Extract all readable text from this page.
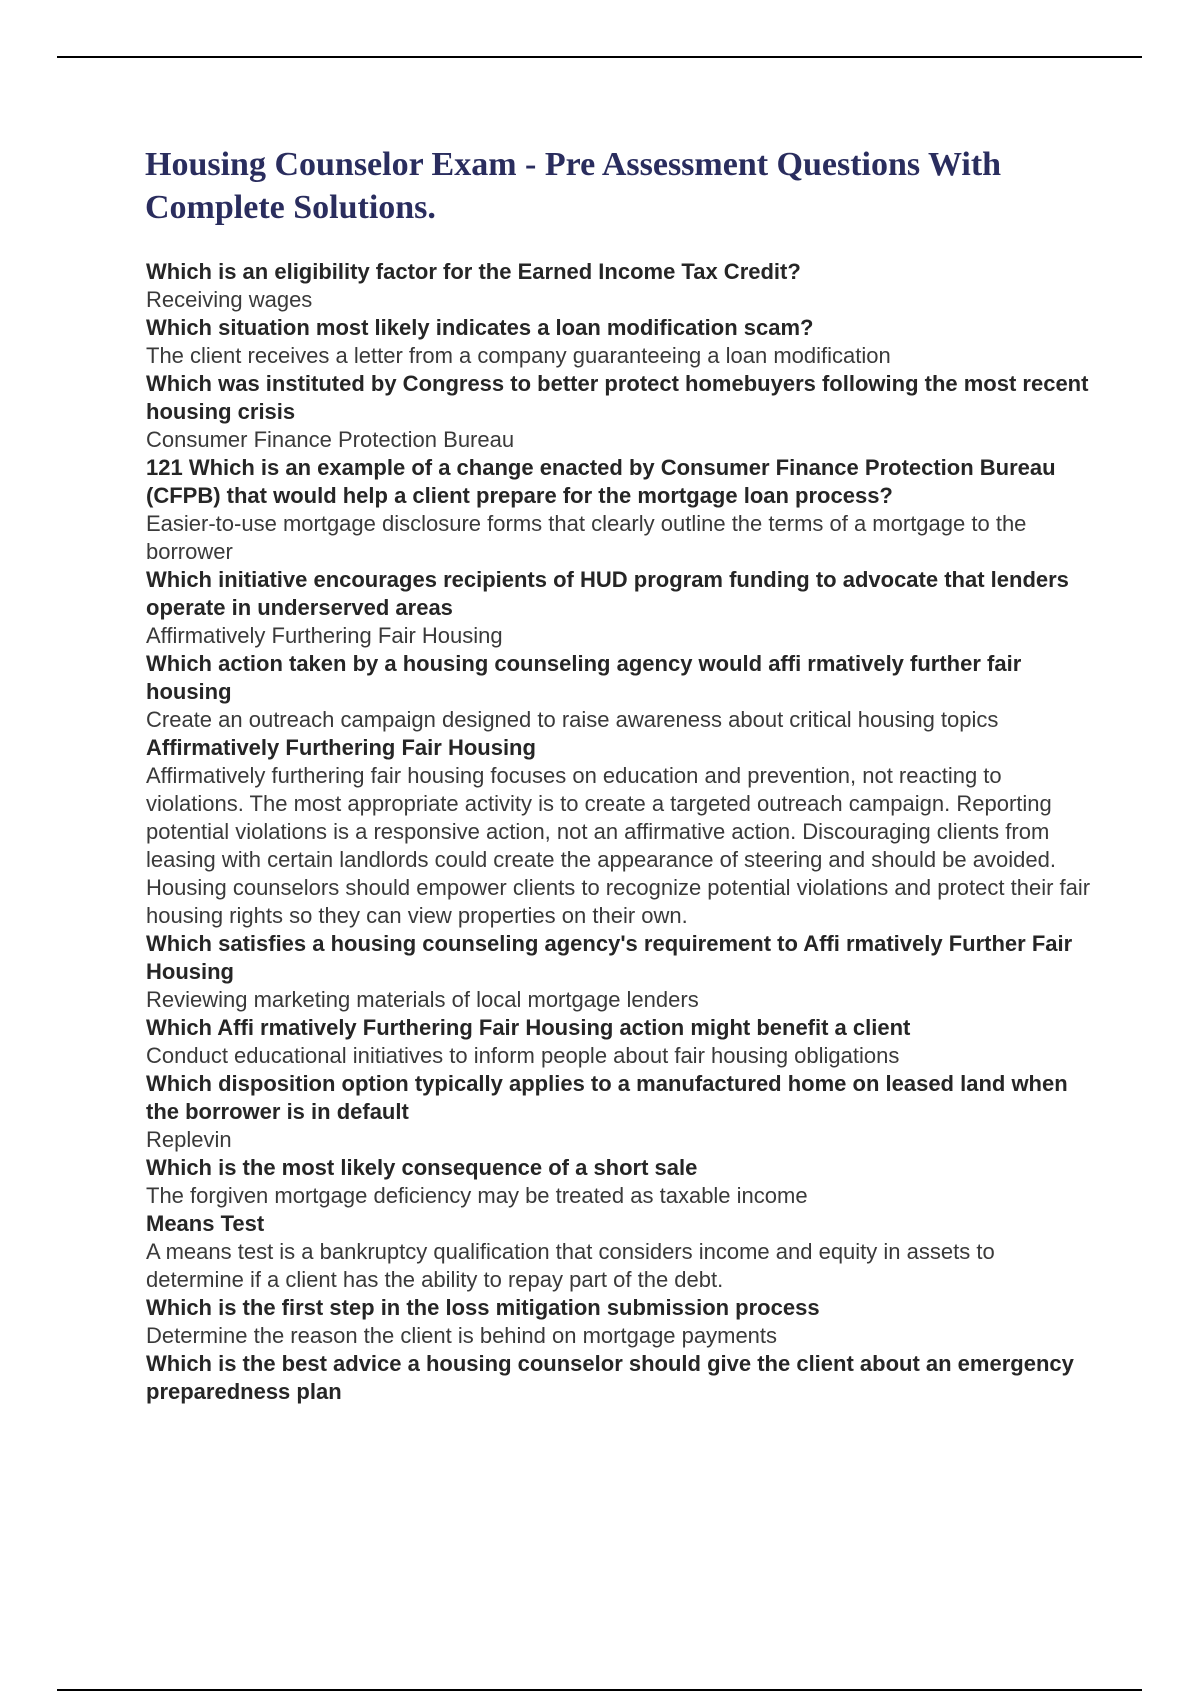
Housing Counselor Exam - Pre Assessment Questions With Complete Solutions.
Which is an eligibility factor for the Earned Income Tax Credit?
Receiving wages
Which situation most likely indicates a loan modification scam?
The client receives a letter from a company guaranteeing a loan modification
Which was instituted by Congress to better protect homebuyers following the most recent housing crisis
Consumer Finance Protection Bureau
121 Which is an example of a change enacted by Consumer Finance Protection Bureau (CFPB) that would help a client prepare for the mortgage loan process?
Easier-to-use mortgage disclosure forms that clearly outline the terms of a mortgage to the borrower
Which initiative encourages recipients of HUD program funding to advocate that lenders operate in underserved areas
Affirmatively Furthering Fair Housing
Which action taken by a housing counseling agency would affi rmatively further fair housing
Create an outreach campaign designed to raise awareness about critical housing topics
Affirmatively Furthering Fair Housing
Affirmatively furthering fair housing focuses on education and prevention, not reacting to violations. The most appropriate activity is to create a targeted outreach campaign. Reporting potential violations is a responsive action, not an affirmative action. Discouraging clients from leasing with certain landlords could create the appearance of steering and should be avoided. Housing counselors should empower clients to recognize potential violations and protect their fair housing rights so they can view properties on their own.
Which satisfies a housing counseling agency's requirement to Affi rmatively Further Fair Housing
Reviewing marketing materials of local mortgage lenders
Which Affi rmatively Furthering Fair Housing action might benefit a client
Conduct educational initiatives to inform people about fair housing obligations
Which disposition option typically applies to a manufactured home on leased land when the borrower is in default
Replevin
Which is the most likely consequence of a short sale
The forgiven mortgage deficiency may be treated as taxable income
Means Test
A means test is a bankruptcy qualification that considers income and equity in assets to determine if a client has the ability to repay part of the debt.
Which is the first step in the loss mitigation submission process
Determine the reason the client is behind on mortgage payments
Which is the best advice a housing counselor should give the client about an emergency preparedness plan
